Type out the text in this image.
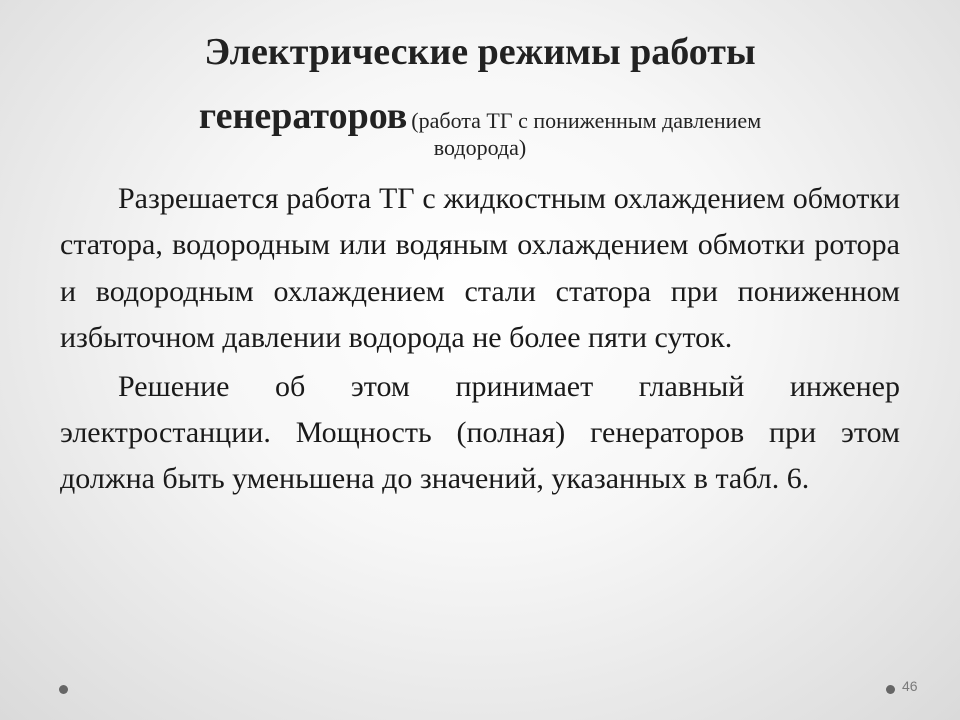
Электрические режимы работы
генераторов (работа ТГ с пониженным давлением
водорода)

Разрешается работа ТГ с жидкостным охлаждением обмотки статора, водородным или водяным охлаждением обмотки ротора и водородным охлаждением стали статора при пониженном избыточном давлении водорода не более пяти суток.

Решение об этом принимает главный инженер электростанции. Мощность (полная) генераторов при этом должна быть уменьшена до значений, указанных в табл. 6.

46
